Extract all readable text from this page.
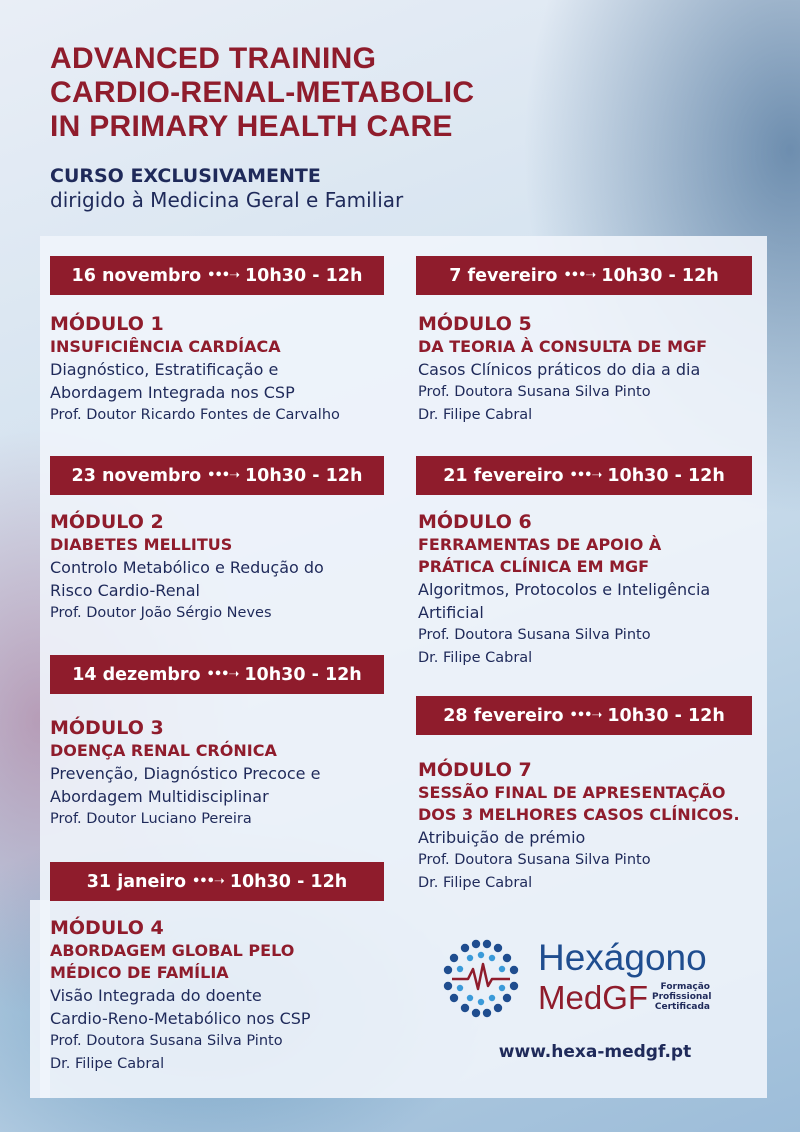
ADVANCED TRAINING
CARDIO-RENAL-METABOLIC
IN PRIMARY HEALTH CARE
CURSO EXCLUSIVAMENTE
dirigido à Medicina Geral e Familiar
16 novembro •••➝ 10h30 - 12h
MÓDULO 1
INSUFICIÊNCIA CARDÍACA
Diagnóstico, Estratificação e
Abordagem Integrada nos CSP
Prof. Doutor Ricardo Fontes de Carvalho
23 novembro •••➝ 10h30 - 12h
MÓDULO 2
DIABETES MELLITUS
Controlo Metabólico e Redução do
Risco Cardio-Renal
Prof. Doutor João Sérgio Neves
14 dezembro •••➝ 10h30 - 12h
MÓDULO 3
DOENÇA RENAL CRÓNICA
Prevenção, Diagnóstico Precoce e
Abordagem Multidisciplinar
Prof. Doutor Luciano Pereira
31 janeiro •••➝ 10h30 - 12h
MÓDULO 4
ABORDAGEM GLOBAL PELO
MÉDICO DE FAMÍLIA
Visão Integrada do doente
Cardio-Reno-Metabólico nos CSP
Prof. Doutora Susana Silva Pinto
Dr. Filipe Cabral
7 fevereiro •••➝ 10h30 - 12h
MÓDULO 5
DA TEORIA À CONSULTA DE MGF
Casos Clínicos práticos do dia a dia
Prof. Doutora Susana Silva Pinto
Dr. Filipe Cabral
21 fevereiro •••➝ 10h30 - 12h
MÓDULO 6
FERRAMENTAS DE APOIO À
PRÁTICA CLÍNICA EM MGF
Algoritmos, Protocolos e Inteligência
Artificial
Prof. Doutora Susana Silva Pinto
Dr. Filipe Cabral
28 fevereiro •••➝ 10h30 - 12h
MÓDULO 7
SESSÃO FINAL DE APRESENTAÇÃO
DOS 3 MELHORES CASOS CLÍNICOS.
Atribuição de prémio
Prof. Doutora Susana Silva Pinto
Dr. Filipe Cabral
Hexágono
MedGF	Formação
Profissional
Certificada
www.hexa-medgf.pt
